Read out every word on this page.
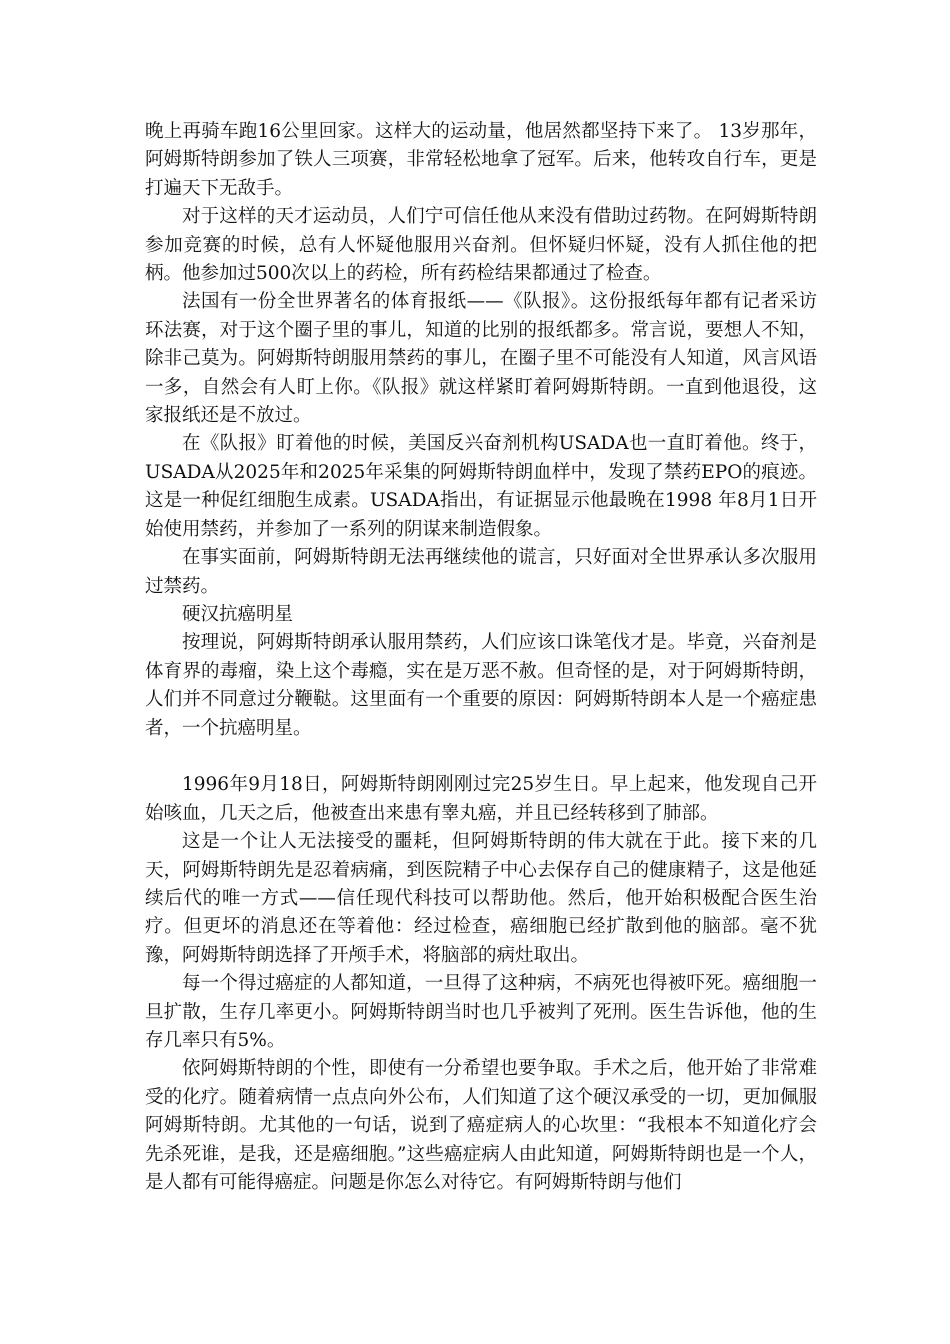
晚上再骑车跑16公里回家。这样大的运动量，他居然都坚持下来了。 13岁那年，阿姆斯特朗参加了铁人三项赛，非常轻松地拿了冠军。后来，他转攻自行车，更是打遍天下无敌手。

对于这样的天才运动员，人们宁可信任他从来没有借助过药物。在阿姆斯特朗参加竞赛的时候，总有人怀疑他服用兴奋剂。但怀疑归怀疑，没有人抓住他的把柄。他参加过500次以上的药检，所有药检结果都通过了检查。

法国有一份全世界著名的体育报纸——《队报》。这份报纸每年都有记者采访环法赛，对于这个圈子里的事儿，知道的比别的报纸都多。常言说，要想人不知，除非己莫为。阿姆斯特朗服用禁药的事儿，在圈子里不可能没有人知道，风言风语一多，自然会有人盯上你。《队报》就这样紧盯着阿姆斯特朗。一直到他退役，这家报纸还是不放过。

在《队报》盯着他的时候，美国反兴奋剂机构USADA也一直盯着他。终于，USADA从2025年和2025年采集的阿姆斯特朗血样中，发现了禁药EPO的痕迹。这是一种促红细胞生成素。USADA指出，有证据显示他最晚在1998 年8月1日开始使用禁药，并参加了一系列的阴谋来制造假象。

在事实面前，阿姆斯特朗无法再继续他的谎言，只好面对全世界承认多次服用过禁药。

硬汉抗癌明星

按理说，阿姆斯特朗承认服用禁药，人们应该口诛笔伐才是。毕竟，兴奋剂是体育界的毒瘤，染上这个毒瘾，实在是万恶不赦。但奇怪的是，对于阿姆斯特朗，人们并不同意过分鞭鞑。这里面有一个重要的原因：阿姆斯特朗本人是一个癌症患者，一个抗癌明星。

1996年9月18日，阿姆斯特朗刚刚过完25岁生日。早上起来，他发现自己开始咳血，几天之后，他被查出来患有睾丸癌，并且已经转移到了肺部。

这是一个让人无法接受的噩耗，但阿姆斯特朗的伟大就在于此。接下来的几天，阿姆斯特朗先是忍着病痛，到医院精子中心去保存自己的健康精子，这是他延续后代的唯一方式——信任现代科技可以帮助他。然后，他开始积极配合医生治疗。但更坏的消息还在等着他：经过检查，癌细胞已经扩散到他的脑部。毫不犹豫，阿姆斯特朗选择了开颅手术，将脑部的病灶取出。

每一个得过癌症的人都知道，一旦得了这种病，不病死也得被吓死。癌细胞一旦扩散，生存几率更小。阿姆斯特朗当时也几乎被判了死刑。医生告诉他，他的生存几率只有5%。

依阿姆斯特朗的个性，即使有一分希望也要争取。手术之后，他开始了非常难受的化疗。随着病情一点点向外公布，人们知道了这个硬汉承受的一切，更加佩服阿姆斯特朗。尤其他的一句话，说到了癌症病人的心坎里：“我根本不知道化疗会先杀死谁，是我，还是癌细胞。”这些癌症病人由此知道，阿姆斯特朗也是一个人，是人都有可能得癌症。问题是你怎么对待它。有阿姆斯特朗与他们
